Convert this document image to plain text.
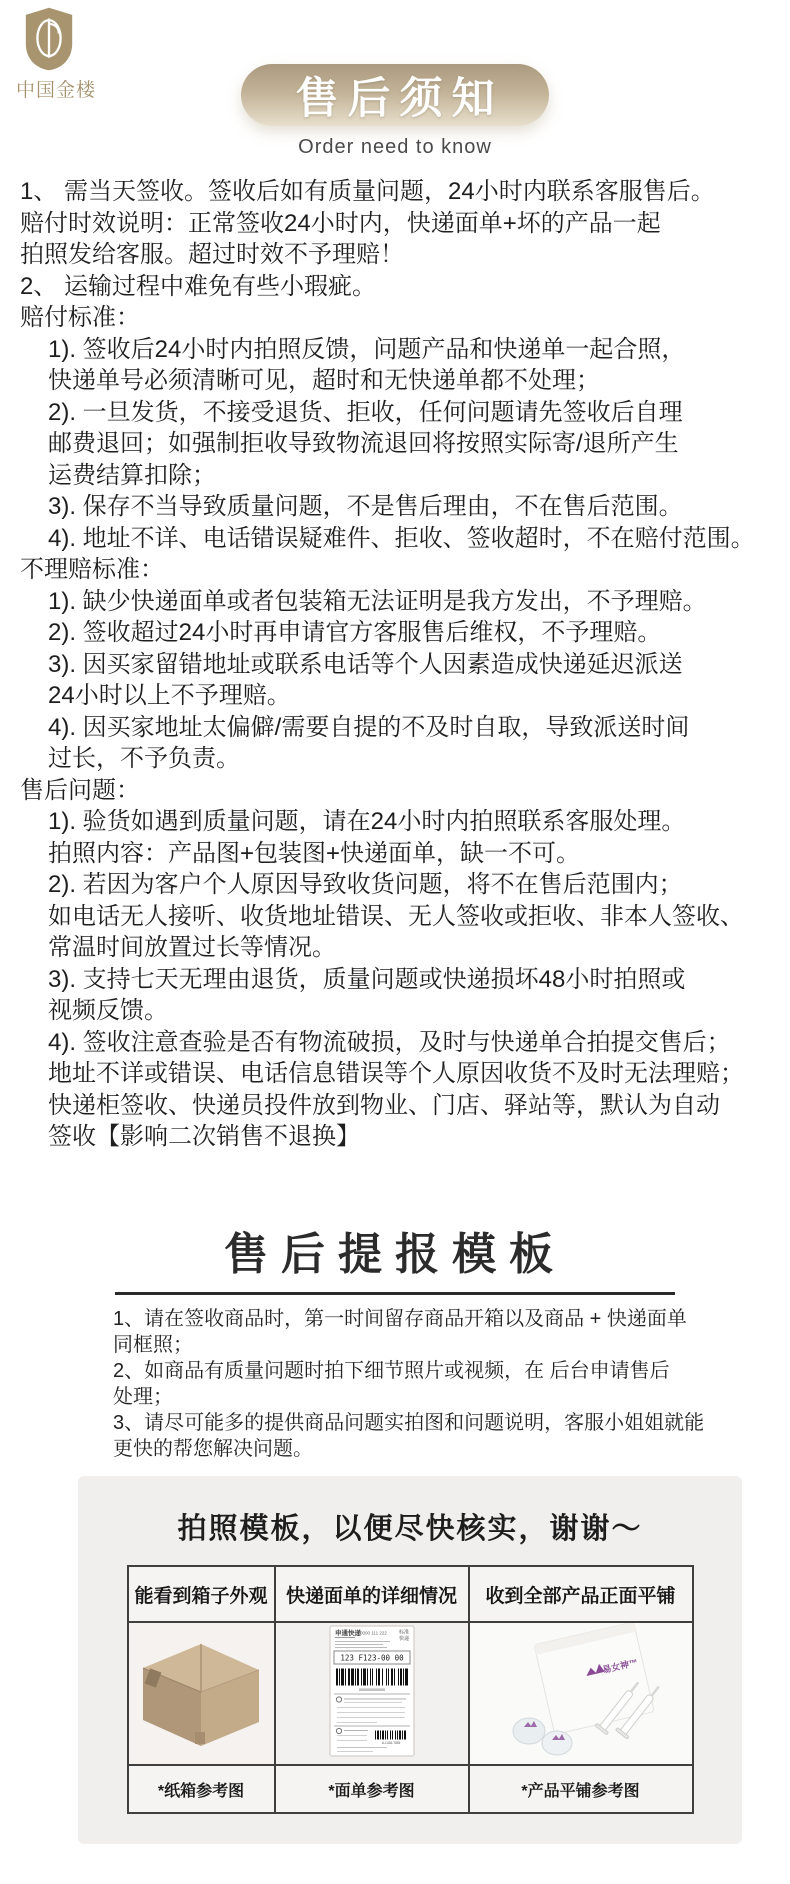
中国金楼	售后须知
Order need to know
1、 需当天签收。签收后如有质量问题，24小时内联系客服售后。
赔付时效说明：正常签收24小时内，快递面单+坏的产品一起
拍照发给客服。超过时效不予理赔！
2、 运输过程中难免有些小瑕疵。
赔付标准：
1). 签收后24小时内拍照反馈，问题产品和快递单一起合照，
快递单号必须清晰可见，超时和无快递单都不处理；
2). 一旦发货，不接受退货、拒收，任何问题请先签收后自理
邮费退回；如强制拒收导致物流退回将按照实际寄/退所产生
运费结算扣除；
3). 保存不当导致质量问题，不是售后理由，不在售后范围。
4). 地址不详、电话错误疑难件、拒收、签收超时，不在赔付范围。
不理赔标准：
1). 缺少快递面单或者包装箱无法证明是我方发出，不予理赔。
2). 签收超过24小时再申请官方客服售后维权，不予理赔。
3). 因买家留错地址或联系电话等个人因素造成快递延迟派送
24小时以上不予理赔。
4). 因买家地址太偏僻/需要自提的不及时自取，导致派送时间
过长，不予负责。
售后问题：
1). 验货如遇到质量问题，请在24小时内拍照联系客服处理。
拍照内容：产品图+包装图+快递面单，缺一不可。
2). 若因为客户个人原因导致收货问题，将不在售后范围内；
如电话无人接听、收货地址错误、无人签收或拒收、非本人签收、
常温时间放置过长等情况。
3). 支持七天无理由退货，质量问题或快递损坏48小时拍照或
视频反馈。
4). 签收注意查验是否有物流破损，及时与快递单合拍提交售后；
地址不详或错误、电话信息错误等个人原因收货不及时无法理赔；
快递柜签收、快递员投件放到物业、门店、驿站等，默认为自动
签收【影响二次销售不退换】
售后提报模板
1、请在签收商品时，第一时间留存商品开箱以及商品 + 快递面单
同框照；
2、如商品有质量问题时拍下细节照片或视频，在 后台申请售后
处理；
3、请尽可能多的提供商品问题实拍图和问题说明，客服小姐姐就能
更快的帮您解决问题。
拍照模板，以便尽快核实，谢谢～
能看到箱子外观	快递面单的详细情况	收到全部产品正面平铺

申通快递 0000 111 222 标准
快递
123 F123-00 00
0000000000000
U-1416-7845

易女神™

*纸箱参考图	*面单参考图	*产品平铺参考图
